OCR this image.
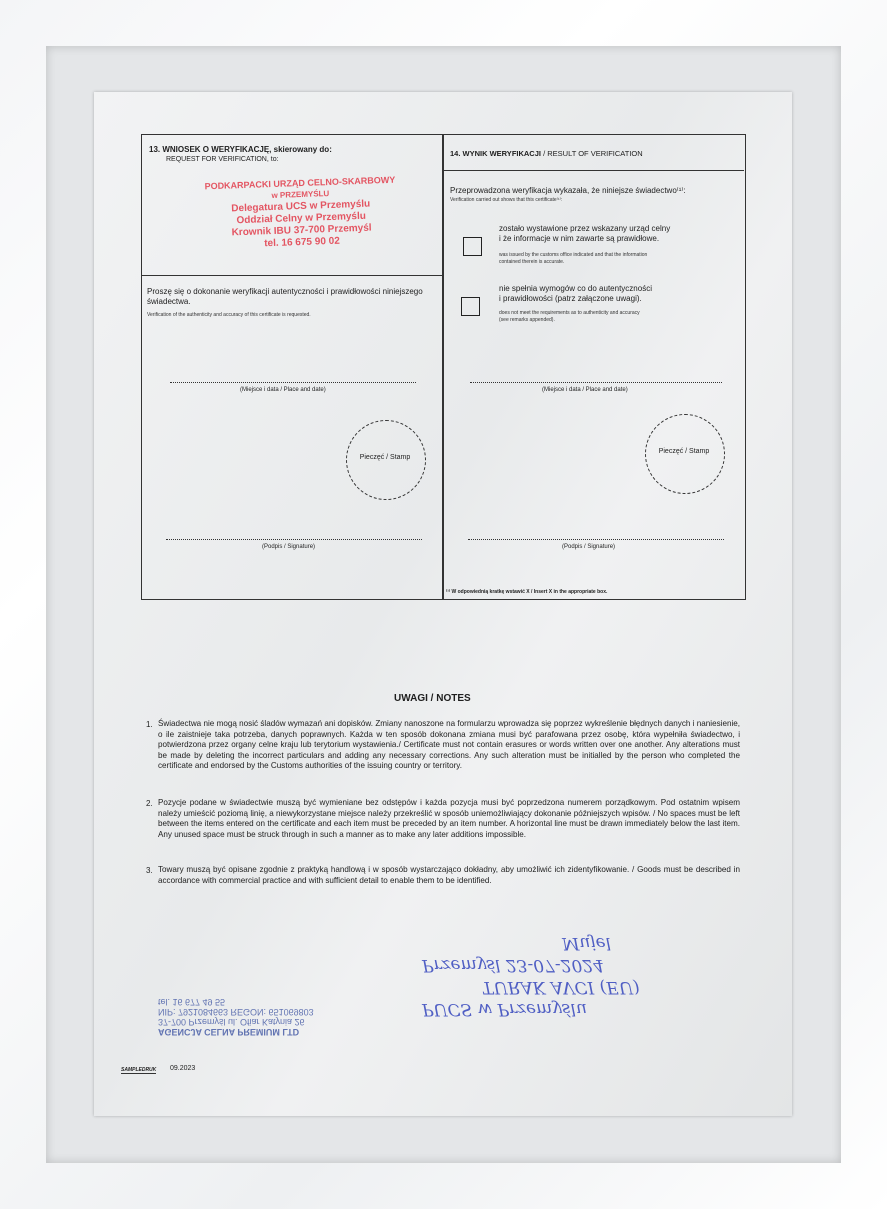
13. WNIOSEK O WERYFIKACJĘ, skierowany do:
REQUEST FOR VERIFICATION, to:
PODKARPACKI URZĄD CELNO-SKARBOWY
w PRZEMYŚLU
Delegatura UCS w Przemyślu
Oddział Celny w Przemyślu
Krownik IBU 37-700 Przemyśl
tel. 16 675 90 02
Proszę się o dokonanie weryfikacji autentyczności i prawidłowości niniejszego świadectwa.
Verification of the authenticity and accuracy of this certificate is requested.
(Miejsce i data / Place and date)
Pieczęć / Stamp
(Podpis / Signature)
14. WYNIK WERYFIKACJI / RESULT OF VERIFICATION
Przeprowadzona weryfikacja wykazała, że niniejsze świadectwo⁽¹⁾:
Verification carried out shows that this certificate⁽¹⁾:
zostało wystawione przez wskazany urząd celny
i że informacje w nim zawarte są prawidłowe.
was issued by the customs office indicated and that the information
contained therein is accurate.
nie spełnia wymogów co do autentyczności
i prawidłowości (patrz załączone uwagi).
does not meet the requirements as to authenticity and accuracy
(see remarks appended).
(Miejsce i data / Place and date)
Pieczęć / Stamp
(Podpis / Signature)
⁽¹⁾ W odpowiednią kratkę wstawić X / Insert X in the appropriate box.
UWAGI / NOTES
1. Świadectwa nie mogą nosić śladów wymazań ani dopisków. Zmiany nanoszone na formularzu wprowadza się poprzez wykreślenie błędnych danych i naniesienie, o ile zaistnieje taka potrzeba, danych poprawnych. Każda w ten sposób dokonana zmiana musi być parafowana przez osobę, która wypełniła świadectwo, i potwierdzona przez organy celne kraju lub terytorium wystawienia./ Certificate must not contain erasures or words written over one another. Any alterations must be made by deleting the incorrect particulars and adding any necessary corrections. Any such alteration must be initialled by the person who completed the certificate and endorsed by the Customs authorities of the issuing country or territory.
2. Pozycje podane w świadectwie muszą być wymieniane bez odstępów i każda pozycja musi być poprzedzona numerem porządkowym. Pod ostatnim wpisem należy umieścić poziomą linię, a niewykorzystane miejsce należy przekreślić w sposób uniemożliwiający dokonanie późniejszych wpisów. / No spaces must be left between the items entered on the certificate and each item must be preceded by an item number. A horizontal line must be drawn immediately below the last item. Any unused space must be struck through in such a manner as to make any later additions impossible.
3. Towary muszą być opisane zgodnie z praktyką handlową i w sposób wystarczająco dokładny, aby umożliwić ich zidentyfikowanie. / Goods must be described in accordance with commercial practice and with sufficient detail to enable them to be identified.
AGENCJA CELNA PREMIUM LTD
37-700 Przemyśl ul. Ofiar Katynia 26
NIP: 7921084663 REGON: 651069803
tel. 16 677 49 55	PUCS w Przemyślu
TURAK AVCI (EU)
Przemyśl 23-07-2024
Mujel
SAMPLEDRUK 09.2023
